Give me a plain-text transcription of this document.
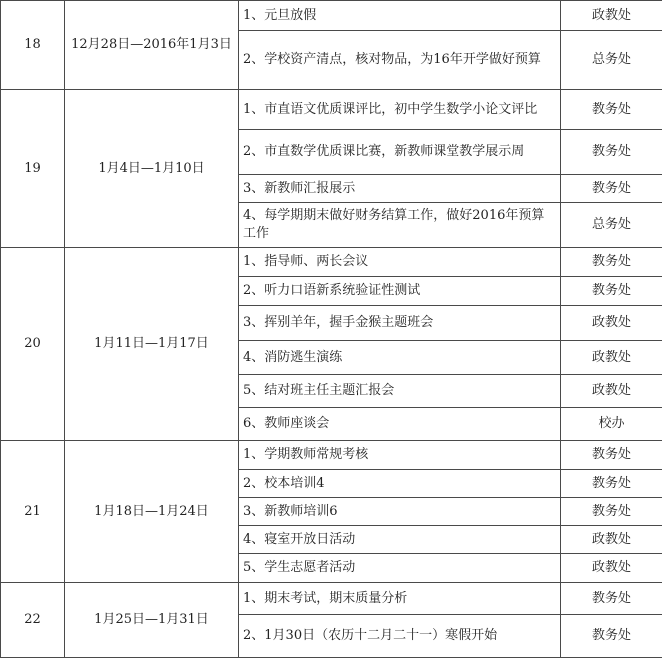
18	12月28日—2016年1月3日	1、元旦放假	政教处
		2、学校资产清点，核对物品，为16年开学做好预算	总务处
19	1月4日—1月10日	1、市直语文优质课评比，初中学生数学小论文评比	教务处
		2、市直数学优质课比赛，新教师课堂教学展示周	教务处
		3、新教师汇报展示	教务处
		4、每学期期末做好财务结算工作，做好2016年预算工作	总务处
20	1月11日—1月17日	1、指导师、两长会议	教务处
		2、听力口语新系统验证性测试	教务处
		3、挥别羊年，握手金猴主题班会	政教处
		4、消防逃生演练	政教处
		5、结对班主任主题汇报会	政教处
		6、教师座谈会	校办
21	1月18日—1月24日	1、学期教师常规考核	教务处
		2、校本培训4	教务处
		3、新教师培训6	教务处
		4、寝室开放日活动	政教处
		5、学生志愿者活动	政教处
22	1月25日—1月31日	1、期末考试，期末质量分析	教务处
		2、1月30日（农历十二月二十一）寒假开始	教务处
